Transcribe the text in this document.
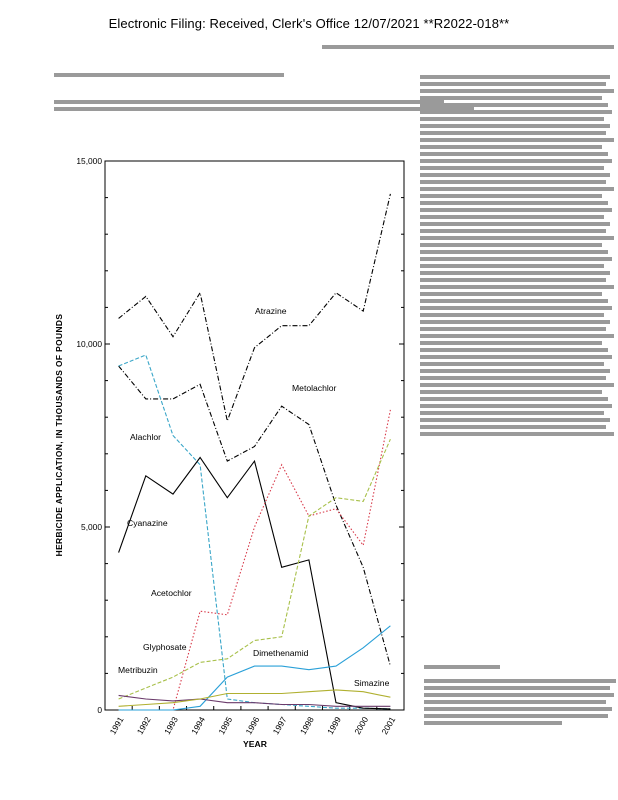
Electronic Filing: Received, Clerk's Office 12/07/2021 **R2022-018**
0
5,000
10,000
15,000
1991 1992 1993 1994 1995 1996 1997 1998 1999 2000 2001
Atrazine
Metolachlor
Alachlor
Cyanazine
Acetochlor
Glyphosate
Dimethenamid
Metribuzin
Simazine
HERBICIDE APPLICATION, IN THOUSANDS OF POUNDS
YEAR
